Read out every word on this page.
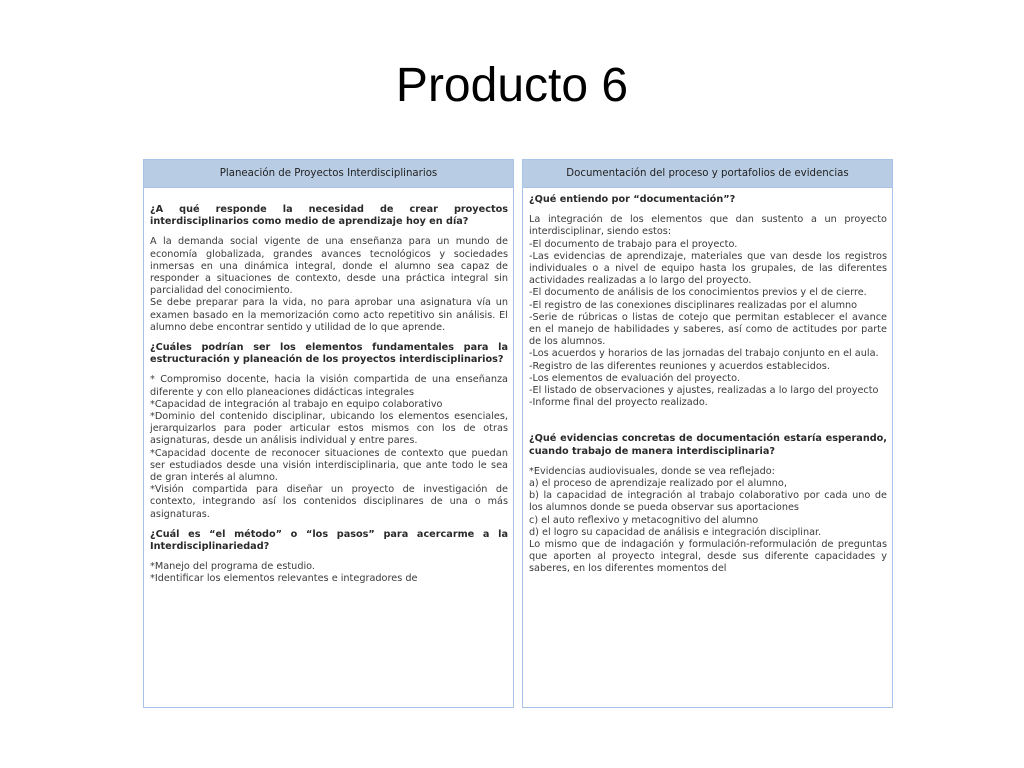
Producto 6
Planeación de Proyectos Interdisciplinarios

¿A qué responde la necesidad de crear proyectos interdisciplinarios como medio de aprendizaje hoy en día?

A la demanda social vigente de una enseñanza para un mundo de economía globalizada, grandes avances tecnológicos y sociedades inmersas en una dinámica integral, donde el alumno sea capaz de responder a situaciones de contexto, desde una práctica integral sin parcialidad del conocimiento.

Se debe preparar para la vida, no para aprobar una asignatura vía un examen basado en la memorización como acto repetitivo sin análisis. El alumno debe encontrar sentido y utilidad de lo que aprende.

¿Cuáles podrían ser los elementos fundamentales para la estructuración y planeación de los proyectos interdisciplinarios?

* Compromiso docente, hacia la visión compartida de una enseñanza diferente y con ello planeaciones didácticas integrales

*Capacidad de integración al trabajo en equipo colaborativo

*Dominio del contenido disciplinar, ubicando los elementos esenciales, jerarquizarlos para poder articular estos mismos con los de otras asignaturas, desde un análisis individual y entre pares.

*Capacidad docente de reconocer situaciones de contexto que puedan ser estudiados desde una visión interdisciplinaria, que ante todo le sea de gran interés al alumno.

*Visión compartida para diseñar un proyecto de investigación de contexto, integrando así los contenidos disciplinares de una o más asignaturas.

¿Cuál es “el método” o “los pasos” para acercarme a la Interdisciplinariedad?

*Manejo del programa de estudio.

*Identificar los elementos relevantes e integradores de

Documentación del proceso y portafolios de evidencias

¿Qué entiendo por “documentación”?

La integración de los elementos que dan sustento a un proyecto interdisciplinar, siendo estos:

-El documento de trabajo para el proyecto.

-Las evidencias de aprendizaje, materiales que van desde los registros individuales o a nivel de equipo hasta los grupales, de las diferentes actividades realizadas a lo largo del proyecto.

-El documento de análisis de los conocimientos previos y el de cierre.

-El registro de las conexiones disciplinares realizadas por el alumno

-Serie de rúbricas o listas de cotejo que permitan establecer el avance en el manejo de habilidades y saberes, así como de actitudes por parte de los alumnos.

-Los acuerdos y horarios de las jornadas del trabajo conjunto en el aula.

-Registro de las diferentes reuniones y acuerdos establecidos.

-Los elementos de evaluación del proyecto.

-El listado de observaciones y ajustes, realizadas a lo largo del proyecto

-Informe final del proyecto realizado.

¿Qué evidencias concretas de documentación estaría esperando, cuando trabajo de manera interdisciplinaria?

*Evidencias audiovisuales, donde se vea reflejado:

a) el proceso de aprendizaje realizado por el alumno,

b) la capacidad de integración al trabajo colaborativo por cada uno de los alumnos donde se pueda observar sus aportaciones

c) el auto reflexivo y metacognitivo del alumno

d) el logro su capacidad de análisis e integración disciplinar.

Lo mismo que de indagación y formulación-reformulación de preguntas que aporten al proyecto integral, desde sus diferente capacidades y saberes, en los diferentes momentos del
